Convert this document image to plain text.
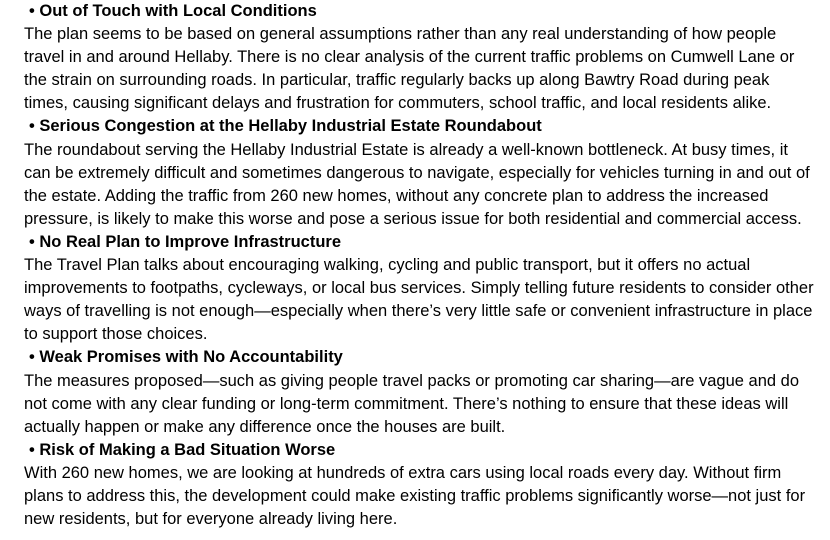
• Out of Touch with Local Conditions
The plan seems to be based on general assumptions rather than any real understanding of how people travel in and around Hellaby. There is no clear analysis of the current traffic problems on Cumwell Lane or the strain on surrounding roads. In particular, traffic regularly backs up along Bawtry Road during peak times, causing significant delays and frustration for commuters, school traffic, and local residents alike.
• Serious Congestion at the Hellaby Industrial Estate Roundabout
The roundabout serving the Hellaby Industrial Estate is already a well-known bottleneck. At busy times, it can be extremely difficult and sometimes dangerous to navigate, especially for vehicles turning in and out of the estate. Adding the traffic from 260 new homes, without any concrete plan to address the increased pressure, is likely to make this worse and pose a serious issue for both residential and commercial access.
• No Real Plan to Improve Infrastructure
The Travel Plan talks about encouraging walking, cycling and public transport, but it offers no actual improvements to footpaths, cycleways, or local bus services. Simply telling future residents to consider other ways of travelling is not enough—especially when there’s very little safe or convenient infrastructure in place to support those choices.
• Weak Promises with No Accountability
The measures proposed—such as giving people travel packs or promoting car sharing—are vague and do not come with any clear funding or long-term commitment. There’s nothing to ensure that these ideas will actually happen or make any difference once the houses are built.
• Risk of Making a Bad Situation Worse
With 260 new homes, we are looking at hundreds of extra cars using local roads every day. Without firm plans to address this, the development could make existing traffic problems significantly worse—not just for new residents, but for everyone already living here.
